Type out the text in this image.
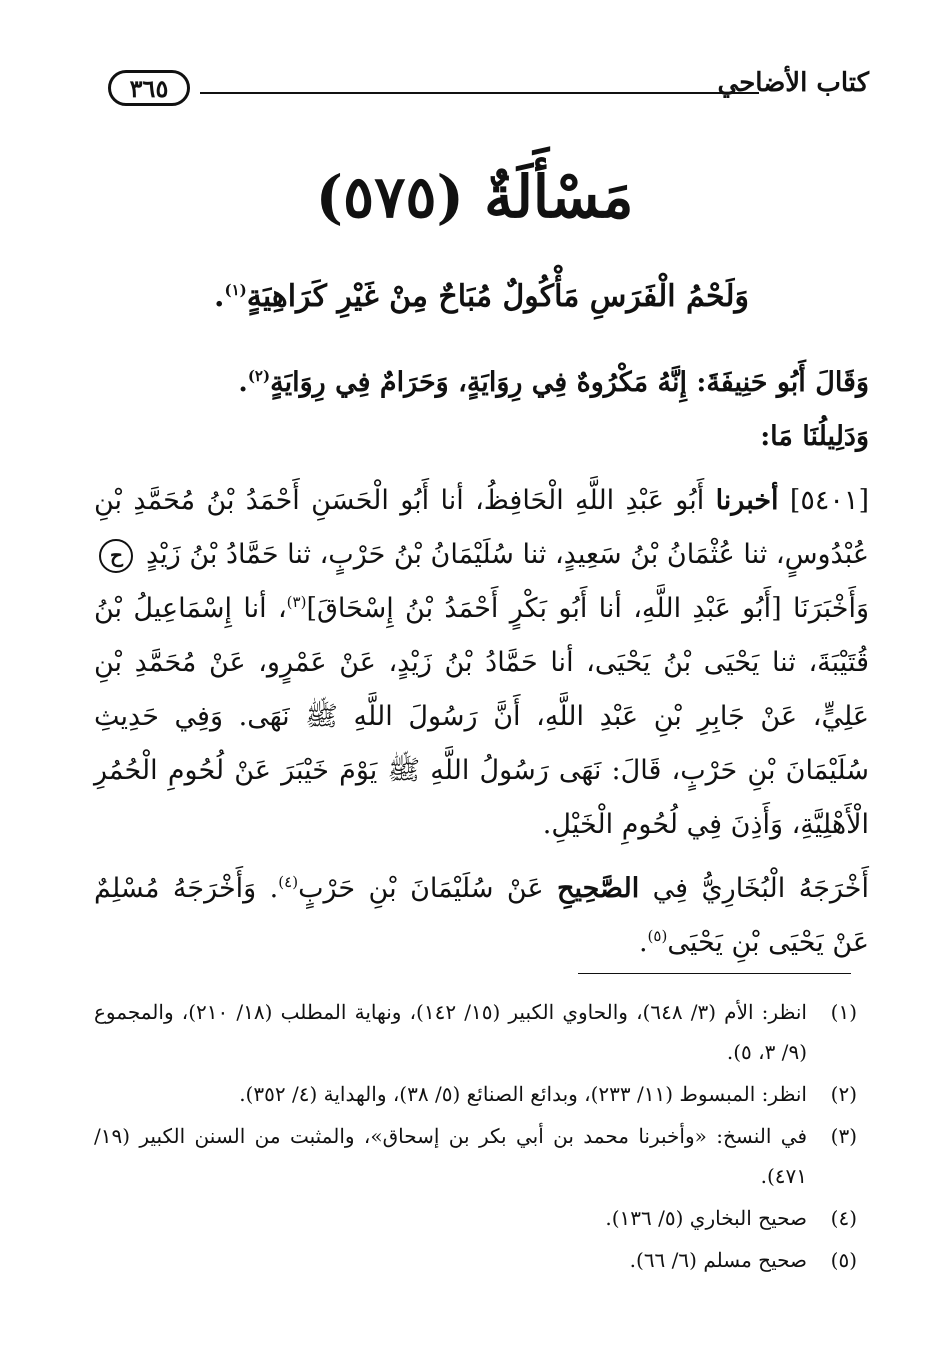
٣٦٥	كتاب الأضاحي
مَسْأَلَةٌ (٥٧٥)

وَلَحْمُ الْفَرَسِ مَأْكُولٌ مُبَاحٌ مِنْ غَيْرِ كَرَاهِيَةٍ$^{(١)}$.

وَقَالَ أَبُو حَنِيفَةَ: إِنَّهُ مَكْرُوهٌ فِي رِوَايَةٍ، وَحَرَامٌ فِي رِوَايَةٍ$^{(٢)}$.

وَدَلِيلُنَا مَا:

[٥٤٠١] أخبرنا أَبُو عَبْدِ اللَّهِ الْحَافِظُ، أنا أَبُو الْحَسَنِ أَحْمَدُ بْنُ مُحَمَّدِ بْنِ عُبْدُوسٍ، ثنا عُثْمَانُ بْنُ سَعِيدٍ، ثنا سُلَيْمَانُ بْنُ حَرْبٍ، ثنا حَمَّادُ بْنُ زَيْدٍ ح

وَأَخْبَرَنَا [أَبُو عَبْدِ اللَّهِ، أنا أَبُو بَكْرٍ أَحْمَدُ بْنُ إِسْحَاقَ]$^{(٣)}$، أنا إِسْمَاعِيلُ بْنُ قُتَيْبَةَ، ثنا يَحْيَى بْنُ يَحْيَى، أنا حَمَّادُ بْنُ زَيْدٍ، عَنْ عَمْرٍو، عَنْ مُحَمَّدِ بْنِ عَلِيٍّ، عَنْ جَابِرِ بْنِ عَبْدِ اللَّهِ، أَنَّ رَسُولَ اللَّهِ ﷺ نَهَى. وَفِي حَدِيثِ سُلَيْمَانَ بْنِ حَرْبٍ، قَالَ: نَهَى رَسُولُ اللَّهِ ﷺ يَوْمَ خَيْبَرَ عَنْ لُحُومِ الْحُمُرِ الْأَهْلِيَّةِ، وَأَذِنَ فِي لُحُومِ الْخَيْلِ.

أَخْرَجَهُ الْبُخَارِيُّ فِي الصَّحِيحِ عَنْ سُلَيْمَانَ بْنِ حَرْبٍ$^{(٤)}$. وَأَخْرَجَهُ مُسْلِمٌ عَنْ يَحْيَى بْنِ يَحْيَى$^{(٥)}$.

(١)
انظر: الأم (٣/ ٦٤٨)، والحاوي الكبير (١٥/ ١٤٢)، ونهاية المطلب (١٨/ ٢١٠)، والمجموع (٩/ ٣، ٥).
(٢)
انظر: المبسوط (١١/ ٢٣٣)، وبدائع الصنائع (٥/ ٣٨)، والهداية (٤/ ٣٥٢).
(٣)
في النسخ: «وأخبرنا محمد بن أبي بكر بن إسحاق»، والمثبت من السنن الكبير (١٩/ ٤٧١).
(٤)
صحيح البخاري (٥/ ١٣٦).
(٥)
صحيح مسلم (٦/ ٦٦).
